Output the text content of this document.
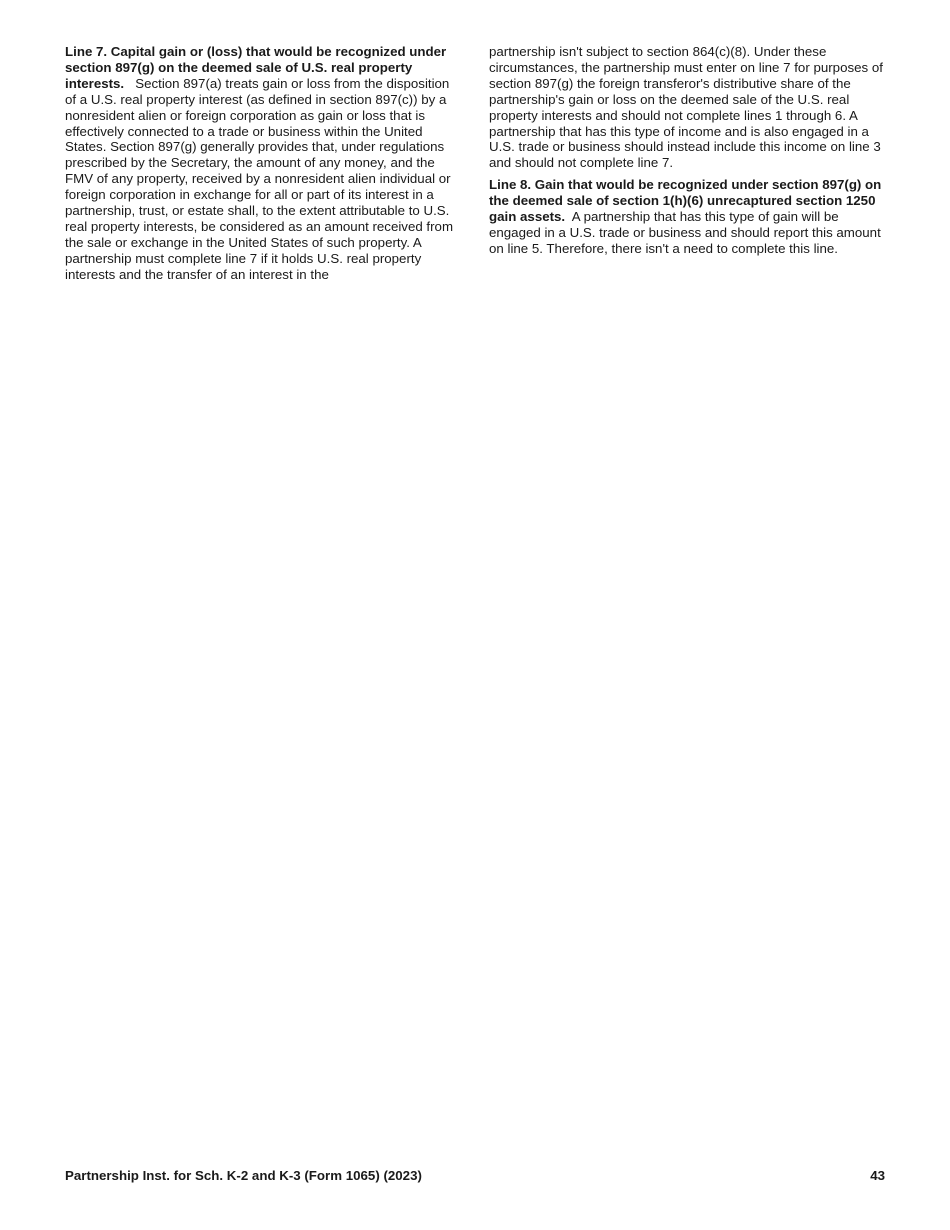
Line 7. Capital gain or (loss) that would be recognized under section 897(g) on the deemed sale of U.S. real property interests. Section 897(a) treats gain or loss from the disposition of a U.S. real property interest (as defined in section 897(c)) by a nonresident alien or foreign corporation as gain or loss that is effectively connected to a trade or business within the United States. Section 897(g) generally provides that, under regulations prescribed by the Secretary, the amount of any money, and the FMV of any property, received by a nonresident alien individual or foreign corporation in exchange for all or part of its interest in a partnership, trust, or estate shall, to the extent attributable to U.S. real property interests, be considered as an amount received from the sale or exchange in the United States of such property. A partnership must complete line 7 if it holds U.S. real property interests and the transfer of an interest in the

partnership isn't subject to section 864(c)(8). Under these circumstances, the partnership must enter on line 7 for purposes of section 897(g) the foreign transferor's distributive share of the partnership's gain or loss on the deemed sale of the U.S. real property interests and should not complete lines 1 through 6. A partnership that has this type of income and is also engaged in a U.S. trade or business should instead include this income on line 3 and should not complete line 7.

Line 8. Gain that would be recognized under section 897(g) on the deemed sale of section 1(h)(6) unrecaptured section 1250 gain assets. A partnership that has this type of gain will be engaged in a U.S. trade or business and should report this amount on line 5. Therefore, there isn't a need to complete this line.

Partnership Inst. for Sch. K-2 and K-3 (Form 1065) (2023)	43
